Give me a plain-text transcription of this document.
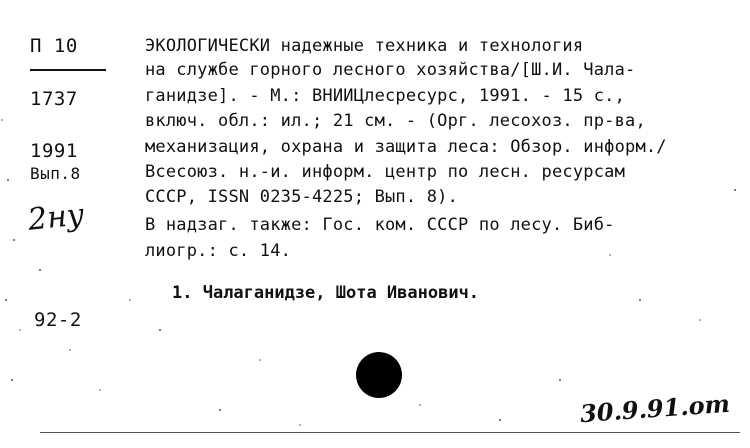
П 10
1737
1991
Вып.8
2ну
92-2
ЭКОЛОГИЧЕСКИ надежные техника и технология
на службе горного лесного хозяйства/[Ш.И. Чала-
ганидзе]. - М.: ВНИИЦлесресурс, 1991. - 15 с.,
включ. обл.: ил.; 21 см. - (Орг. лесохоз. пр-ва,
механизация, охрана и защита леса: Обзор. информ./
Всесоюз. н.-и. информ. центр по лесн. ресурсам
СССР, ISSN 0235-4225; Вып. 8).
В надзаг. также: Гос. ком. СССР по лесу. Биб-
лиогр.: с. 14.
1. Чалаганидзе, Шота Иванович.
30.9.91.от
